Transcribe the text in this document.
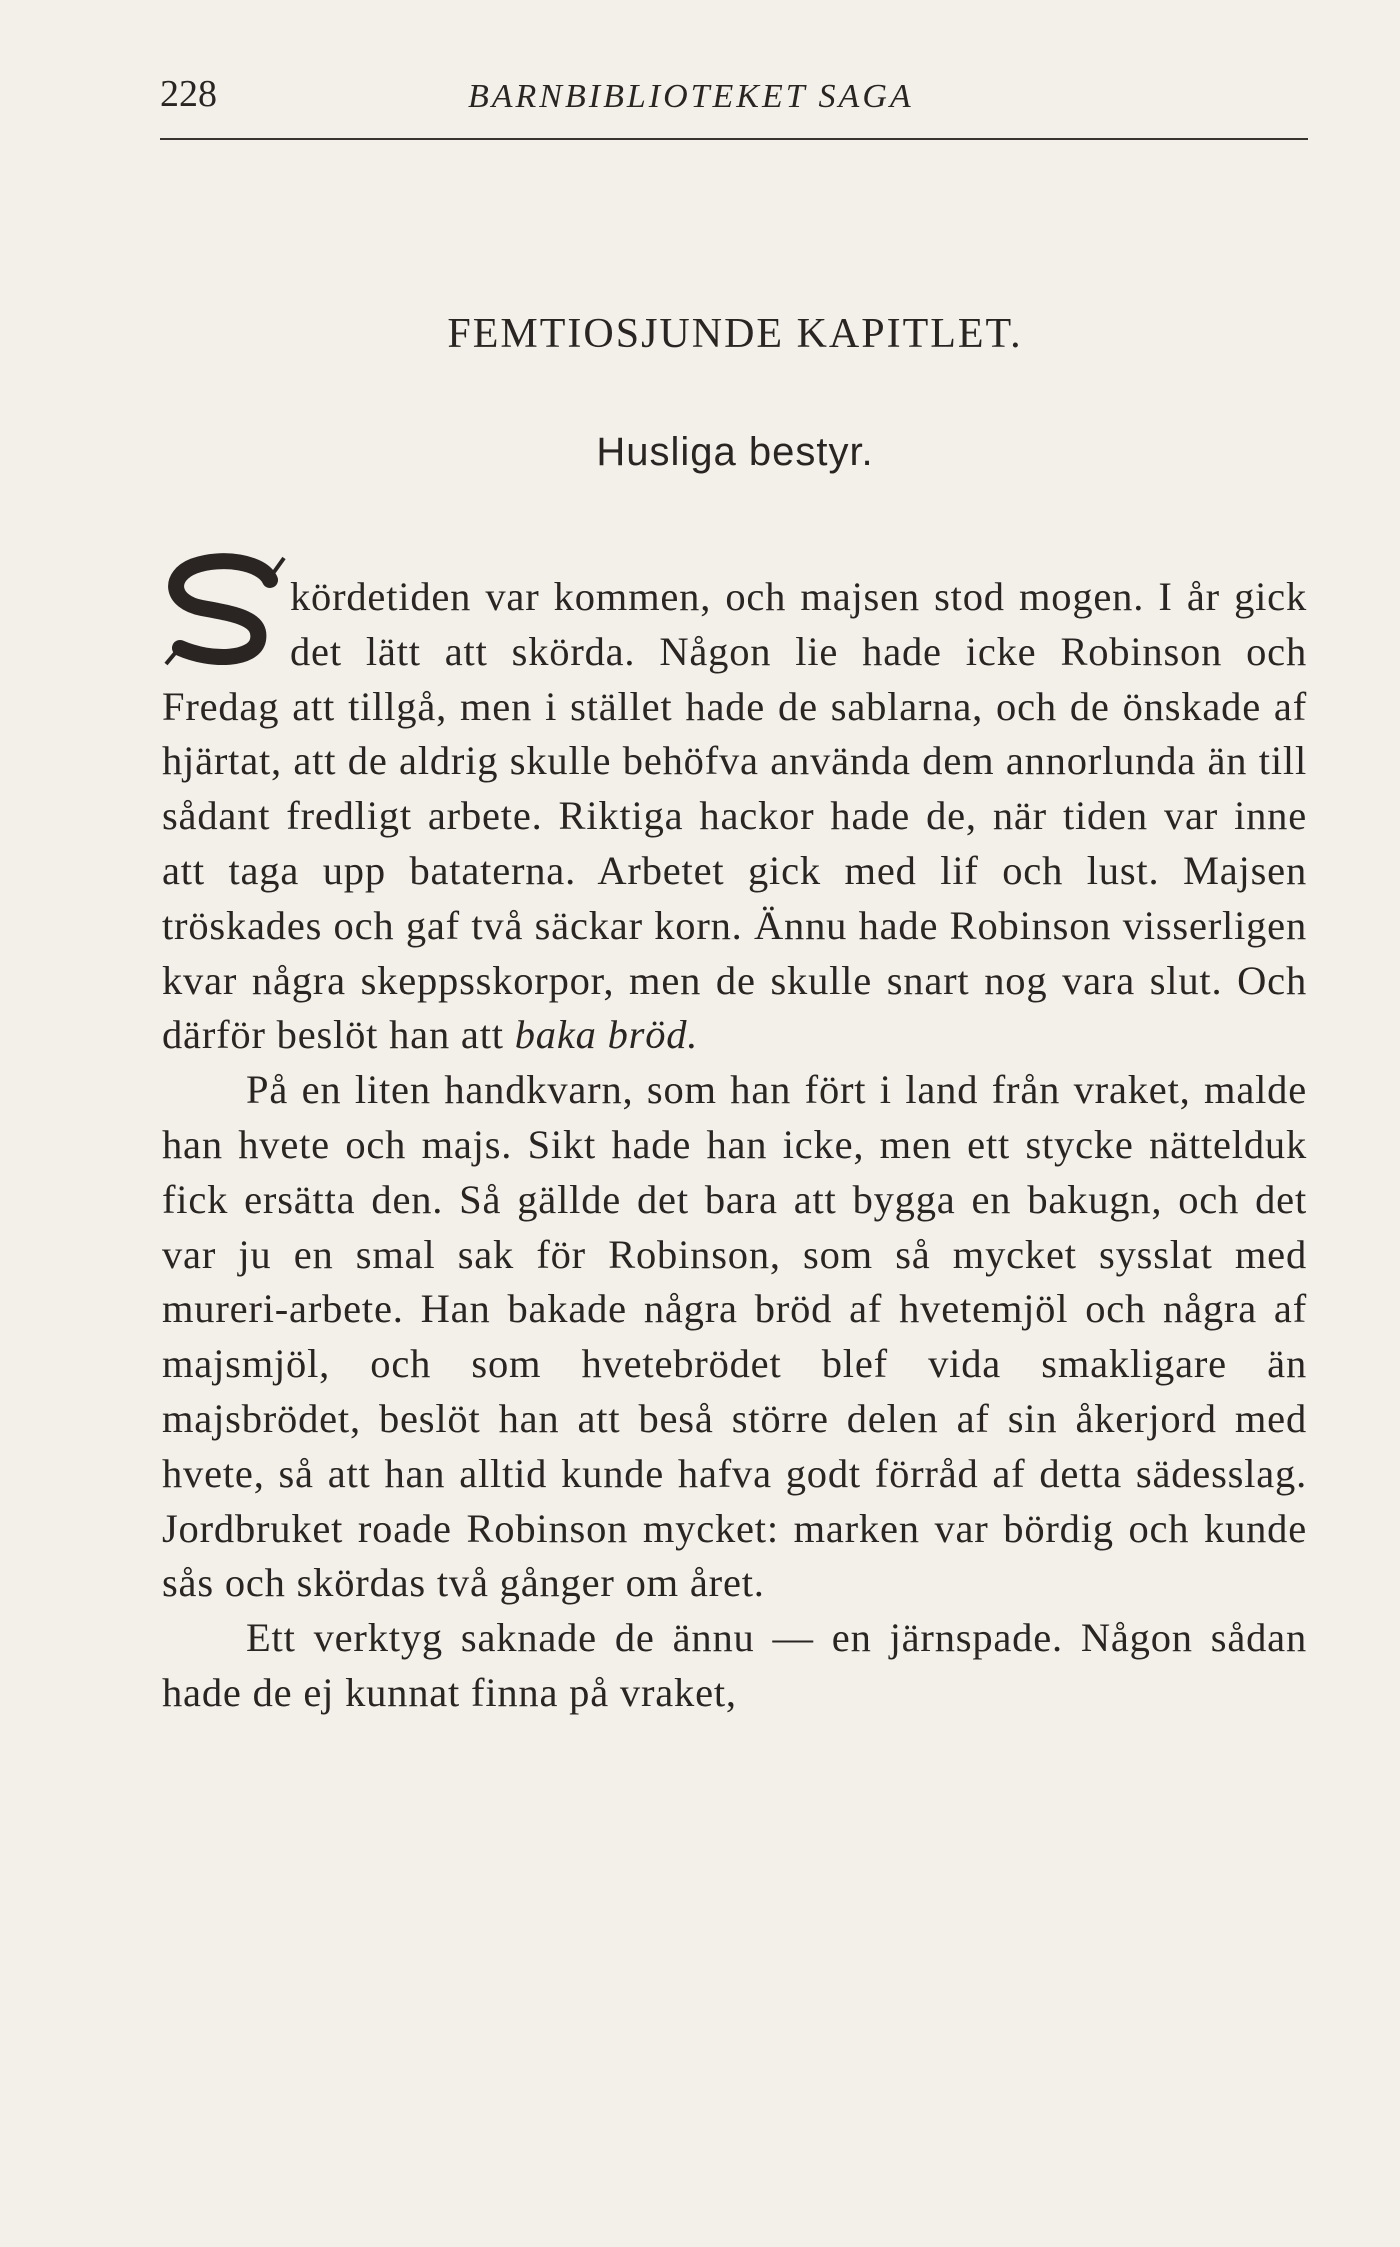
228	BARNBIBLIOTEKET SAGA
FEMTIOSJUNDE KAPITLET.
Husliga bestyr.

S
kördetiden var kommen, och majsen stod mogen. I år gick det lätt att skörda. Någon lie hade icke Robinson och Fredag att tillgå, men i stället hade de sablarna, och de önskade af hjärtat, att de aldrig skulle behöfva använda dem annorlunda än till sådant fredligt arbete. Riktiga hackor hade de, när tiden var inne att taga upp bataterna. Arbetet gick med lif och lust. Majsen tröskades och gaf två säckar korn. Ännu hade Robinson visserligen kvar några skeppsskorpor, men de skulle snart nog vara slut. Och därför beslöt han att baka bröd.

På en liten handkvarn, som han fört i land från vraket, malde han hvete och majs. Sikt hade han icke, men ett stycke nättelduk fick ersätta den. Så gällde det bara att bygga en bakugn, och det var ju en smal sak för Robinson, som så mycket sysslat med mureri-arbete. Han bakade några bröd af hvetemjöl och några af majsmjöl, och som hvetebrödet blef vida smakligare än majsbrödet, beslöt han att beså större delen af sin åkerjord med hvete, så att han alltid kunde hafva godt förråd af detta sädesslag. Jordbruket roade Robinson mycket: marken var bördig och kunde sås och skördas två gånger om året.

Ett verktyg saknade de ännu — en järnspade. Någon sådan hade de ej kunnat finna på vraket,
